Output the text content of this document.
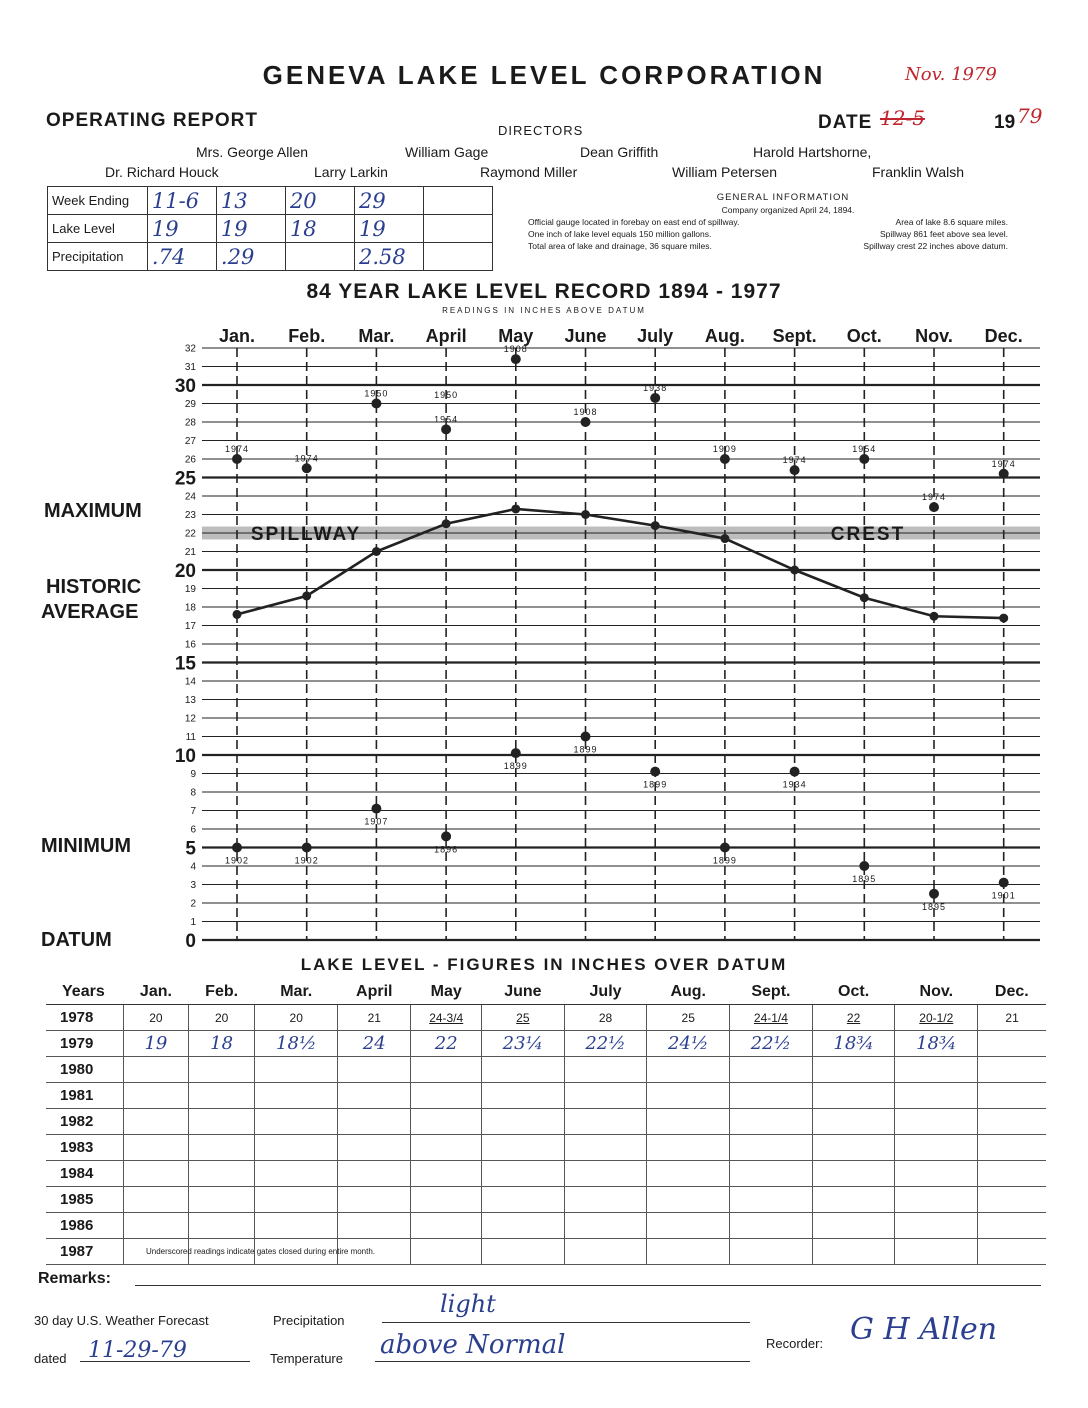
GENEVA LAKE LEVEL CORPORATION	Nov. 1979
OPERATING REPORT	DIRECTORS	DATE 12-5	19 79
Mrs. George Allen	William Gage	Dean Griffith	Harold Hartshorne,
Dr. Richard Houck	Larry Larkin	Raymond Miller	William Petersen	Franklin Walsh
Week Ending	11-6	13	20	29	
Lake Level	19	19	18	19	
Precipitation	.74	.29		2.58	
GENERAL INFORMATION
Company organized April 24, 1894.
Official gauge located in forebay on east end of spillway.	Area of lake 8.6 square miles.
One inch of lake level equals 150 million gallons.	Spillway 861 feet above sea level.
Total area of lake and drainage, 36 square miles.	Spillway crest 22 inches above datum.
84 YEAR LAKE LEVEL RECORD 1894 - 1977
READINGS IN INCHES ABOVE DATUM
MAXIMUM
HISTORIC
AVERAGE
MINIMUM
DATUM	0
1
2
3
4
5
6
7
8
9
10
11
12
13
14
15
16
17
18
19
20
21
22
23
24
25
26
27
28
29
30
31
32
Jan. Feb. Mar. April May June July Aug. Sept. Oct. Nov. Dec.
SPILLWAY	CREST
1974
1974
1950
1954
1908
1908
1938
1909
1974
1954
1974
1974
1950
1902	1902
1907
1896
1899
1899
1899
1899
1934
1895
1895
1901
LAKE LEVEL - FIGURES IN INCHES OVER DATUM
Years	Jan.	Feb.	Mar.	April	May	June	July	Aug.	Sept.	Oct.	Nov.	Dec.
1978	20	20	20	21	24-3/4	25	28	25	24-1/4	22	20-1/2	21
1979	19	18	18½	24	22	23¼	22½	24½	22½	18¾	18¾	
1980												
1981												
1982												
1983												
1984												
1985												
1986												
1987													Underscored readings indicate gates closed during entire month.
Remarks:
30 day U.S. Weather Forecast	Precipitation
light
dated 11-29-79	Temperature above Normal	Recorder: G H Allen
